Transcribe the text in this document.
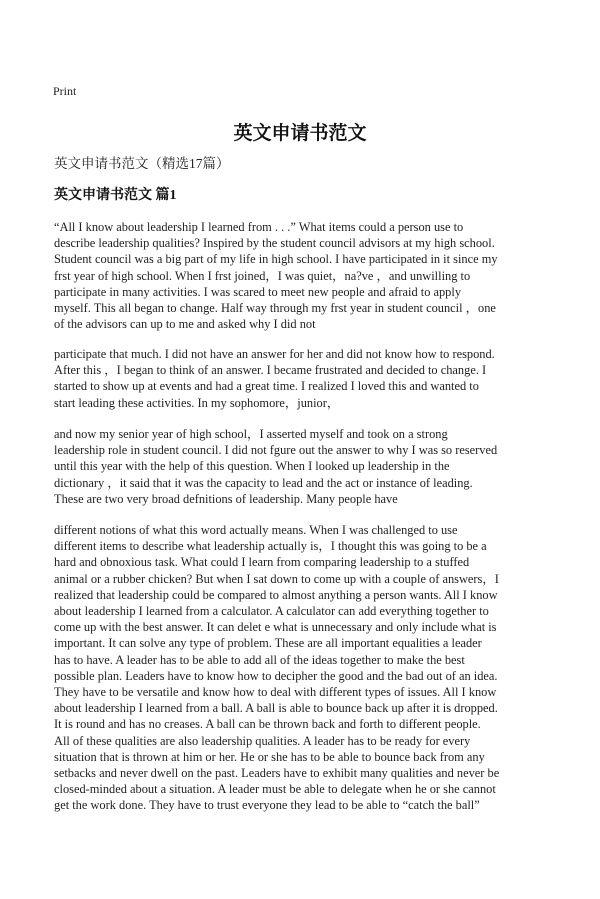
Print
英文申请书范文
英文申请书范文（精选17篇）
英文申请书范文 篇1
“All I know about leadership I learned from . . .” What items could a person use to
describe leadership qualities? Inspired by the student council advisors at my high school.
Student council was a big part of my life in high school. I have participated in it since my
frst year of high school. When I frst joined，I was quiet，na?ve ，and unwilling to
participate in many activities. I was scared to meet new people and afraid to apply
myself. This all began to change. Half way through my frst year in student council ，one
of the advisors can up to me and asked why I did not
participate that much. I did not have an answer for her and did not know how to respond.
After this ，I began to think of an answer. I became frustrated and decided to change. I
started to show up at events and had a great time. I realized I loved this and wanted to
start leading these activities. In my sophomore，junior，
and now my senior year of high school，I asserted myself and took on a strong
leadership role in student council. I did not fgure out the answer to why I was so reserved
until this year with the help of this question. When I looked up leadership in the
dictionary ，it said that it was the capacity to lead and the act or instance of leading.
These are two very broad defnitions of leadership. Many people have
different notions of what this word actually means. When I was challenged to use
different items to describe what leadership actually is，I thought this was going to be a
hard and obnoxious task. What could I learn from comparing leadership to a stuffed
animal or a rubber chicken? But when I sat down to come up with a couple of answers，I
realized that leadership could be compared to almost anything a person wants. All I know
about leadership I learned from a calculator. A calculator can add everything together to
come up with the best answer. It can delet e what is unnecessary and only include what is
important. It can solve any type of problem. These are all important equalities a leader
has to have. A leader has to be able to add all of the ideas together to make the best
possible plan. Leaders have to know how to decipher the good and the bad out of an idea.
They have to be versatile and know how to deal with different types of issues. All I know
about leadership I learned from a ball. A ball is able to bounce back up after it is dropped.
It is round and has no creases. A ball can be thrown back and forth to different people.
All of these qualities are also leadership qualities. A leader has to be ready for every
situation that is thrown at him or her. He or she has to be able to bounce back from any
setbacks and never dwell on the past. Leaders have to exhibit many qualities and never be
closed-minded about a situation. A leader must be able to delegate when he or she cannot
get the work done. They have to trust everyone they lead to be able to “catch the ball”
